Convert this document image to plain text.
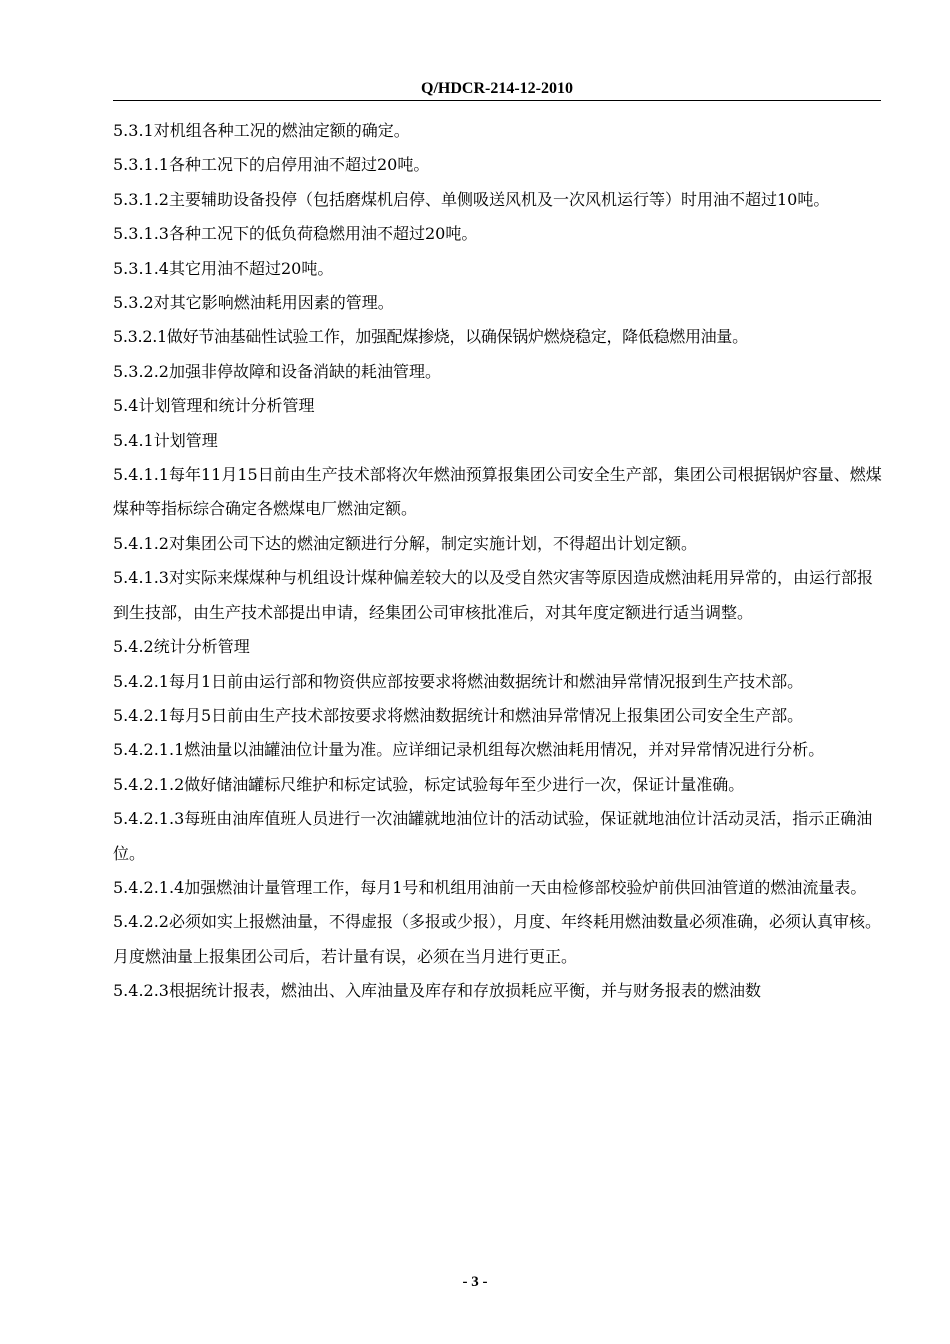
Q/HDCR-214-12-2010

5.3.1对机组各种工况的燃油定额的确定。

5.3.1.1各种工况下的启停用油不超过20吨。

5.3.1.2主要辅助设备投停（包括磨煤机启停、单侧吸送风机及一次风机运行等）时用油不超过10吨。

5.3.1.3各种工况下的低负荷稳燃用油不超过20吨。

5.3.1.4其它用油不超过20吨。

5.3.2对其它影响燃油耗用因素的管理。

5.3.2.1做好节油基础性试验工作，加强配煤掺烧，以确保锅炉燃烧稳定，降低稳燃用油量。

5.3.2.2加强非停故障和设备消缺的耗油管理。

5.4计划管理和统计分析管理

5.4.1计划管理

5.4.1.1每年11月15日前由生产技术部将次年燃油预算报集团公司安全生产部，集团公司根据锅炉容量、燃煤煤种等指标综合确定各燃煤电厂燃油定额。

5.4.1.2对集团公司下达的燃油定额进行分解，制定实施计划，不得超出计划定额。

5.4.1.3对实际来煤煤种与机组设计煤种偏差较大的以及受自然灾害等原因造成燃油耗用异常的，由运行部报到生技部，由生产技术部提出申请，经集团公司审核批准后，对其年度定额进行适当调整。

5.4.2统计分析管理

5.4.2.1每月1日前由运行部和物资供应部按要求将燃油数据统计和燃油异常情况报到生产技术部。

5.4.2.1每月5日前由生产技术部按要求将燃油数据统计和燃油异常情况上报集团公司安全生产部。

5.4.2.1.1燃油量以油罐油位计量为准。应详细记录机组每次燃油耗用情况，并对异常情况进行分析。

5.4.2.1.2做好储油罐标尺维护和标定试验，标定试验每年至少进行一次，保证计量准确。

5.4.2.1.3每班由油库值班人员进行一次油罐就地油位计的活动试验，保证就地油位计活动灵活，指示正确油位。

5.4.2.1.4加强燃油计量管理工作，每月1号和机组用油前一天由检修部校验炉前供回油管道的燃油流量表。

5.4.2.2必须如实上报燃油量，不得虚报（多报或少报），月度、年终耗用燃油数量必须准确，必须认真审核。月度燃油量上报集团公司后，若计量有误，必须在当月进行更正。

5.4.2.3根据统计报表，燃油出、入库油量及库存和存放损耗应平衡，并与财务报表的燃油数

- 3 -
